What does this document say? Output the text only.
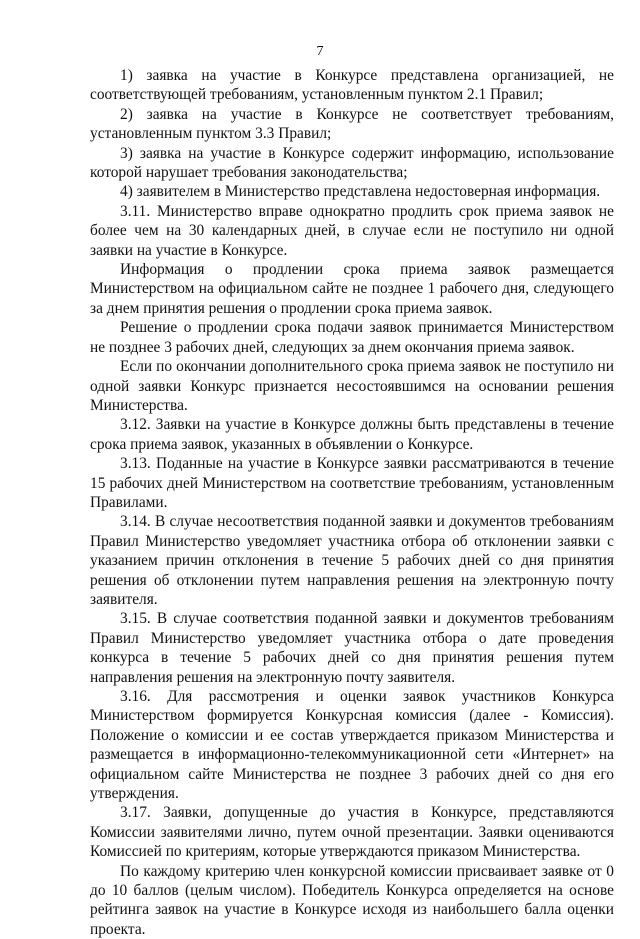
7

1) заявка на участие в Конкурсе представлена организацией, не соответствующей требованиям, установленным пунктом 2.1 Правил;

2) заявка на участие в Конкурсе не соответствует требованиям, установленным пунктом 3.3 Правил;

3) заявка на участие в Конкурсе содержит информацию, использование которой нарушает требования законодательства;

4) заявителем в Министерство представлена недостоверная информация.

3.11. Министерство вправе однократно продлить срок приема заявок не более чем на 30 календарных дней, в случае если не поступило ни одной заявки на участие в Конкурсе.

Информация о продлении срока приема заявок размещается Министерством на официальном сайте не позднее 1 рабочего дня, следующего за днем принятия решения о продлении срока приема заявок.

Решение о продлении срока подачи заявок принимается Министерством не позднее 3 рабочих дней, следующих за днем окончания приема заявок.

Если по окончании дополнительного срока приема заявок не поступило ни одной заявки Конкурс признается несостоявшимся на основании решения Министерства.

3.12. Заявки на участие в Конкурсе должны быть представлены в течение срока приема заявок, указанных в объявлении о Конкурсе.

3.13. Поданные на участие в Конкурсе заявки рассматриваются в течение 15 рабочих дней Министерством на соответствие требованиям, установленным Правилами.

3.14. В случае несоответствия поданной заявки и документов требованиям Правил Министерство уведомляет участника отбора об отклонении заявки с указанием причин отклонения в течение 5 рабочих дней со дня принятия решения об отклонении путем направления решения на электронную почту заявителя.

3.15. В случае соответствия поданной заявки и документов требованиям Правил Министерство уведомляет участника отбора о дате проведения конкурса в течение 5 рабочих дней со дня принятия решения путем направления решения на электронную почту заявителя.

3.16. Для рассмотрения и оценки заявок участников Конкурса Министерством формируется Конкурсная комиссия (далее - Комиссия). Положение о комиссии и ее состав утверждается приказом Министерства и размещается в информационно-телекоммуникационной сети «Интернет» на официальном сайте Министерства не позднее 3 рабочих дней со дня его утверждения.

3.17. Заявки, допущенные до участия в Конкурсе, представляются Комиссии заявителями лично, путем очной презентации. Заявки оцениваются Комиссией по критериям, которые утверждаются приказом Министерства.

По каждому критерию член конкурсной комиссии присваивает заявке от 0 до 10 баллов (целым числом). Победитель Конкурса определяется на основе рейтинга заявок на участие в Конкурсе исходя из наибольшего балла оценки проекта.
